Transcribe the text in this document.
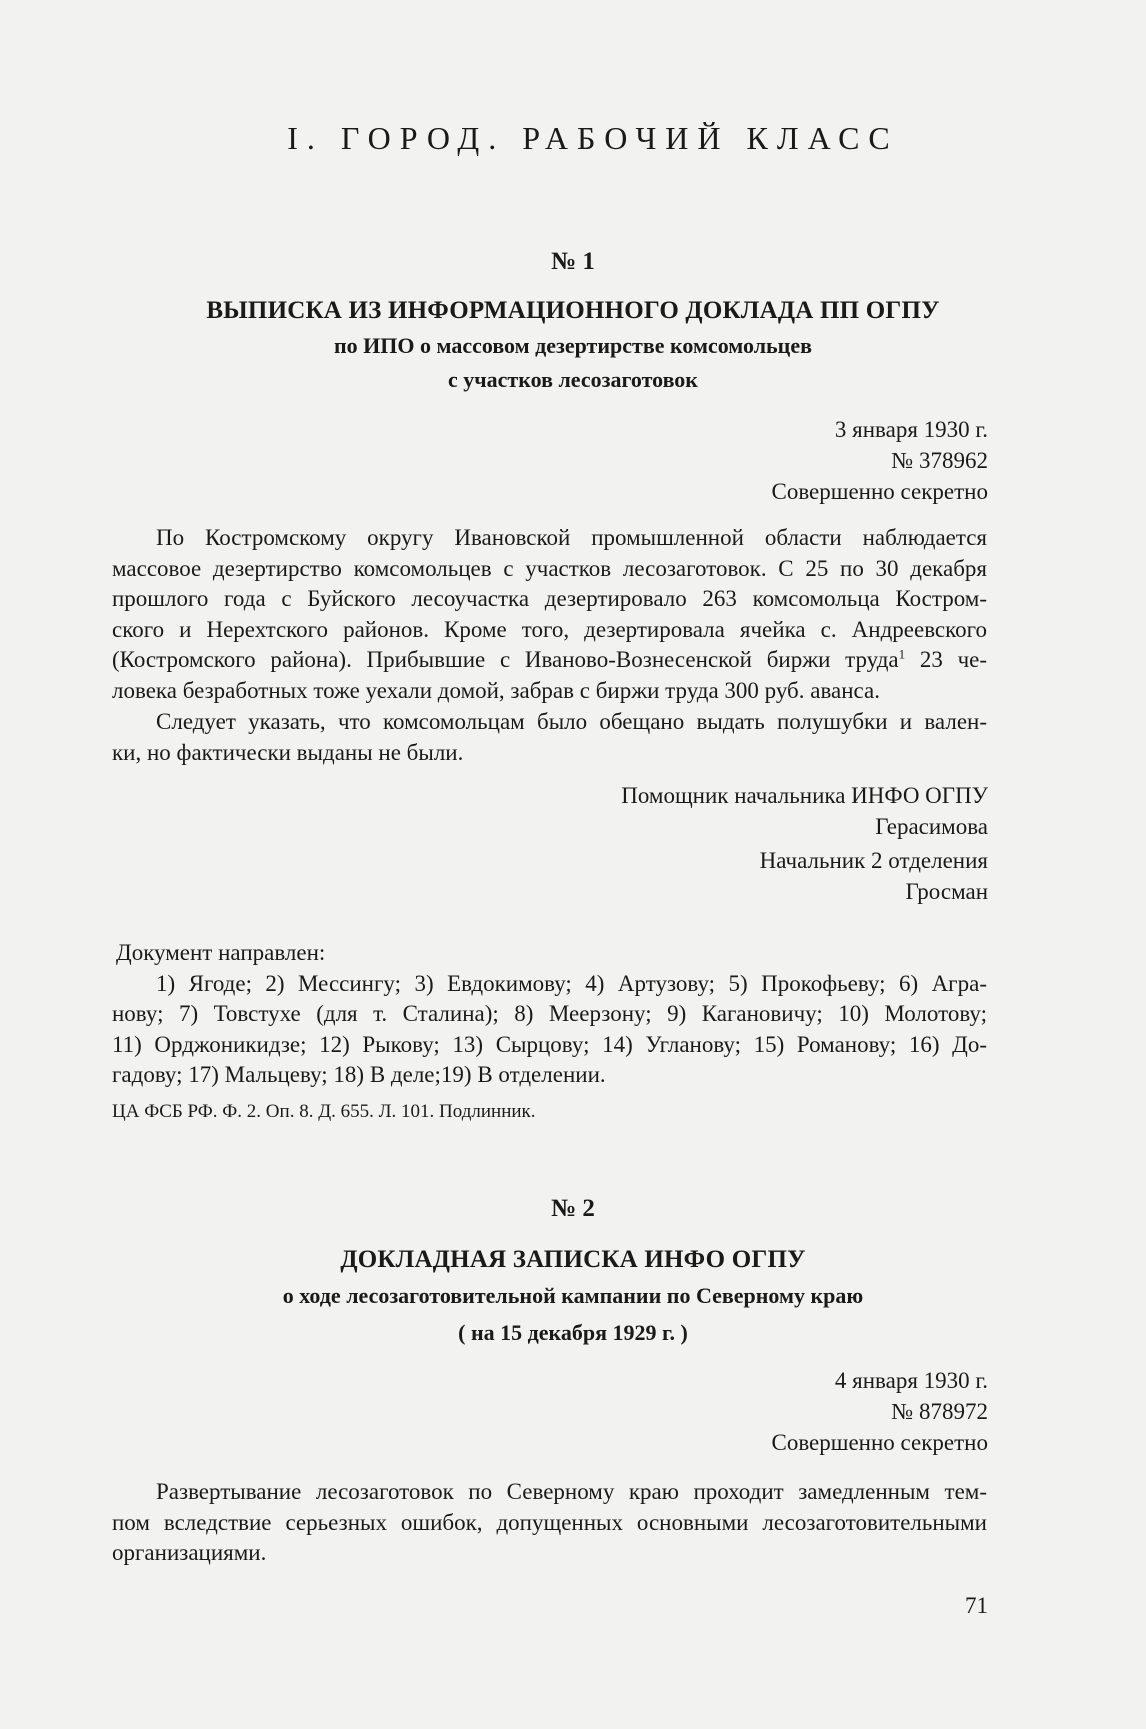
I. ГОРОД. РАБОЧИЙ КЛАСС
№ 1
ВЫПИСКА ИЗ ИНФОРМАЦИОННОГО ДОКЛАДА ПП ОГПУ
по ИПО о массовом дезертирстве комсомольцев
с участков лесозаготовок
3 января 1930 г.
№ 378962
Совершенно секретно
По Костромскому округу Ивановской промышленной области наблюдается
массовое дезертирство комсомольцев с участков лесозаготовок. С 25 по 30 декабря
прошлого года с Буйского лесоучастка дезертировало 263 комсомольца Костром-
ского и Нерехтского районов. Кроме того, дезертировала ячейка с. Андреевского
(Костромского района). Прибывшие с Иваново-Вознесенской биржи труда$^1$ 23 че-
ловека безработных тоже уехали домой, забрав с биржи труда 300 руб. аванса.
Следует указать, что комсомольцам было обещано выдать полушубки и вален-
ки, но фактически выданы не были.
Помощник начальника ИНФО ОГПУ
Герасимова
Начальник 2 отделения
Гросман
Документ направлен:
1) Ягоде; 2) Мессингу; 3) Евдокимову; 4) Артузову; 5) Прокофьеву; 6) Агра-
нову; 7) Товстухе (для т. Сталина); 8) Меерзону; 9) Кагановичу; 10) Молотову;
11) Орджоникидзе; 12) Рыкову; 13) Сырцову; 14) Угланову; 15) Романову; 16) До-
гадову; 17) Мальцеву; 18) В деле;19) В отделении.
ЦА ФСБ РФ. Ф. 2. Оп. 8. Д. 655. Л. 101. Подлинник.
№ 2
ДОКЛАДНАЯ ЗАПИСКА ИНФО ОГПУ
о ходе лесозаготовительной кампании по Северному краю
( на 15 декабря 1929 г. )
4 января 1930 г.
№ 878972
Совершенно секретно
Развертывание лесозаготовок по Северному краю проходит замедленным тем-
пом вследствие серьезных ошибок, допущенных основными лесозаготовительными
организациями.
71
